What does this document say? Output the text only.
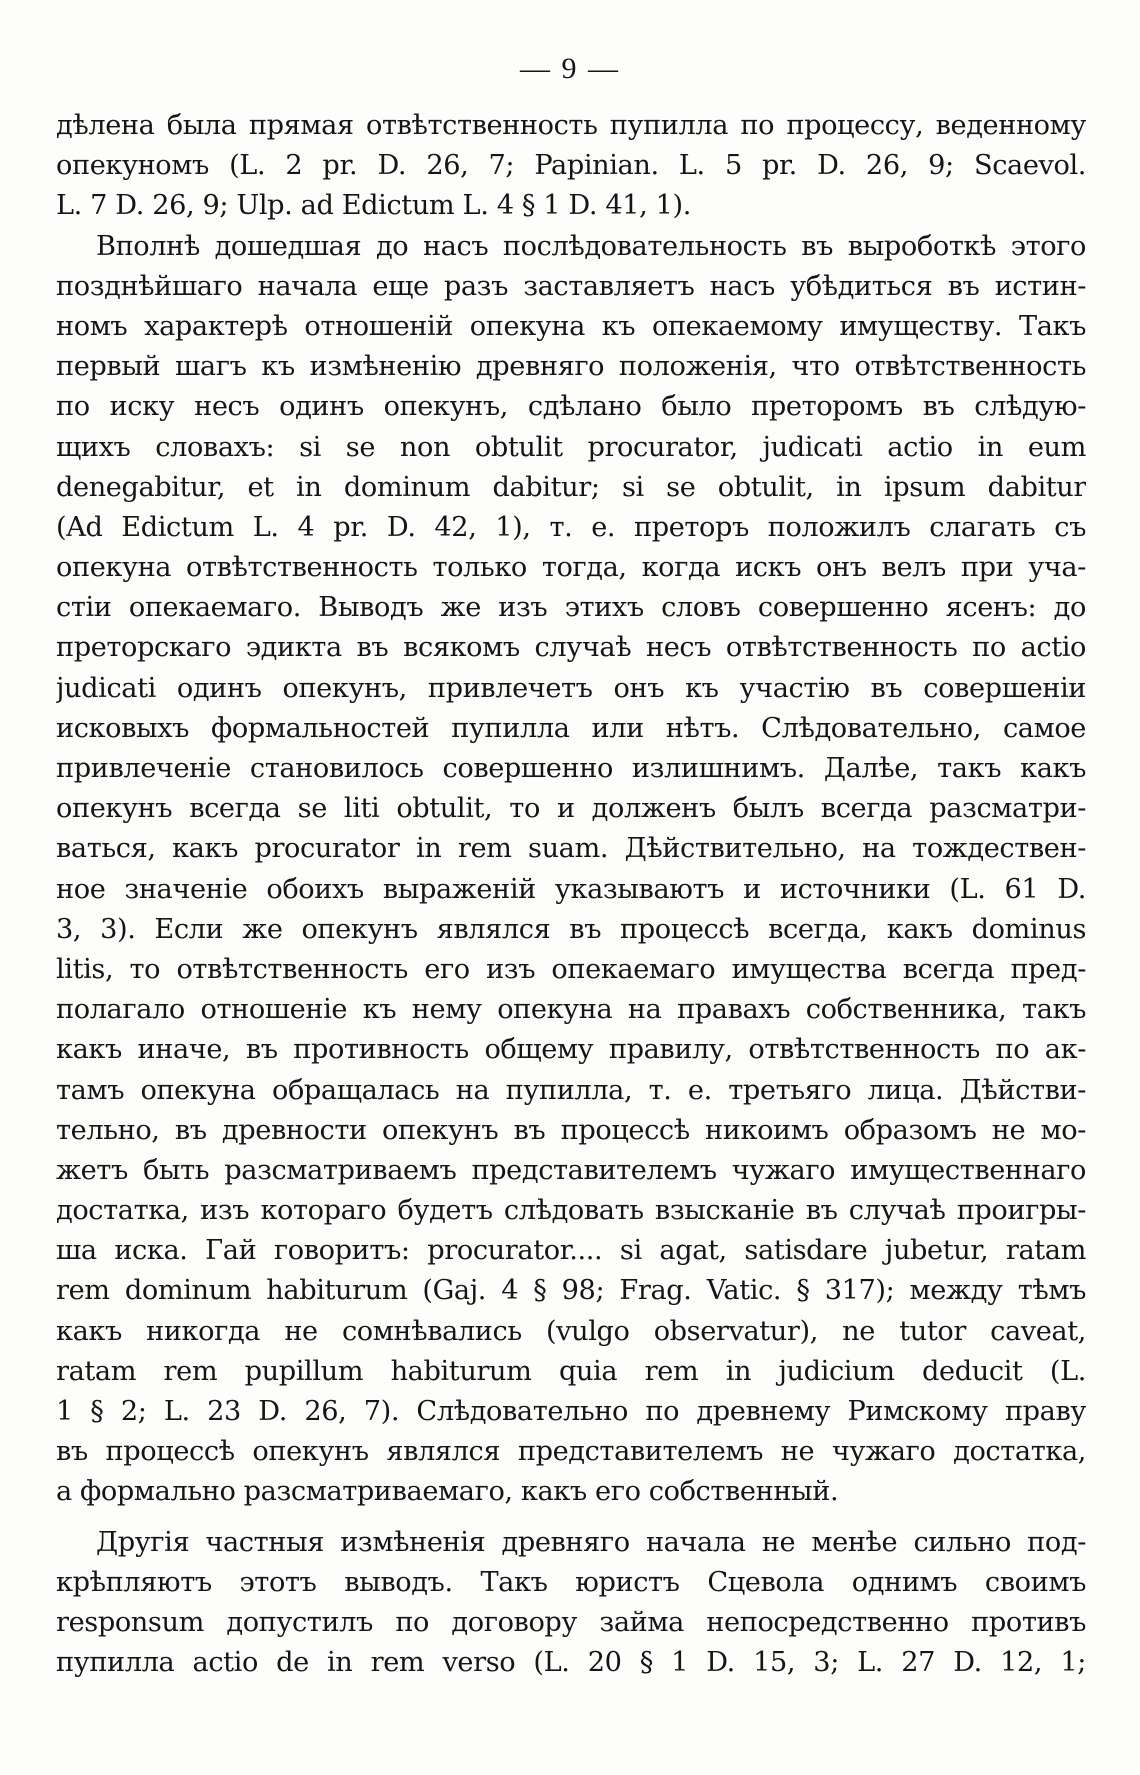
— 9 —
дѣлена была прямая отвѣтственность пупилла по процессу, веденному
опекуномъ (L. 2 pr. D. 26, 7; Papinian. L. 5 pr. D. 26, 9; Scaevol.
L. 7 D. 26, 9; Ulp. ad Edictum L. 4 § 1 D. 41, 1).
Вполнѣ дошедшая до насъ послѣдовательность въ выроботкѣ этого
позднѣйшаго начала еще разъ заставляетъ насъ убѣдиться въ истин-
номъ характерѣ отношенiй опекуна къ опекаемому имуществу. Такъ
первый шагъ къ измѣненiю древняго положенiя, что отвѣтственность
по иску несъ одинъ опекунъ, сдѣлано было преторомъ въ слѣдую-
щихъ словахъ: si se non obtulit procurator, judicati actio in eum
denegabitur, et in dominum dabitur; si se obtulit, in ipsum dabitur
(Ad Edictum L. 4 pr. D. 42, 1), т. е. преторъ положилъ слагать съ
опекуна отвѣтственность только тогда, когда искъ онъ велъ при уча-
стiи опекаемаго. Выводъ же изъ этихъ словъ совершенно ясенъ: до
преторскаго эдикта въ всякомъ случаѣ несъ отвѣтственность по actio
judicati одинъ опекунъ, привлечетъ онъ къ участiю въ совершенiи
исковыхъ формальностей пупилла или нѣтъ. Слѣдовательно, самое
привлеченiе становилось совершенно излишнимъ. Далѣе, такъ какъ
опекунъ всегда se liti obtulit, то и долженъ былъ всегда разсматри-
ваться, какъ procurator in rem suam. Дѣйствительно, на тождествен-
ное значенiе обоихъ выраженiй указываютъ и источники (L. 61 D.
3, 3). Если же опекунъ являлся въ процессѣ всегда, какъ dominus
litis, то отвѣтственность его изъ опекаемаго имущества всегда пред-
полагало отношенiе къ нему опекуна на правахъ собственника, такъ
какъ иначе, въ противность общему правилу, отвѣтственность по ак-
тамъ опекуна обращалась на пупилла, т. е. третьяго лица. Дѣйстви-
тельно, въ древности опекунъ въ процессѣ никоимъ образомъ не мо-
жетъ быть разсматриваемъ представителемъ чужаго имущественнаго
достатка, изъ котораго будетъ слѣдовать взысканiе въ случаѣ проигры-
ша иска. Гай говоритъ: procurator.... si agat, satisdare jubetur, ratam
rem dominum habiturum (Gaj. 4 § 98; Frag. Vatic. § 317); между тѣмъ
какъ никогда не сомнѣвались (vulgo observatur), ne tutor caveat,
ratam rem pupillum habiturum quia rem in judicium deducit (L.
1 § 2; L. 23 D. 26, 7). Слѣдовательно по древнему Римскому праву
въ процессѣ опекунъ являлся представителемъ не чужаго достатка,
а формально разсматриваемаго, какъ его собственный.
Другiя частныя измѣненiя древняго начала не менѣе сильно под-
крѣпляютъ этотъ выводъ. Такъ юристъ Сцевола однимъ своимъ
responsum допустилъ по договору займа непосредственно противъ
пупилла actio de in rem verso (L. 20 § 1 D. 15, 3; L. 27 D. 12, 1;
